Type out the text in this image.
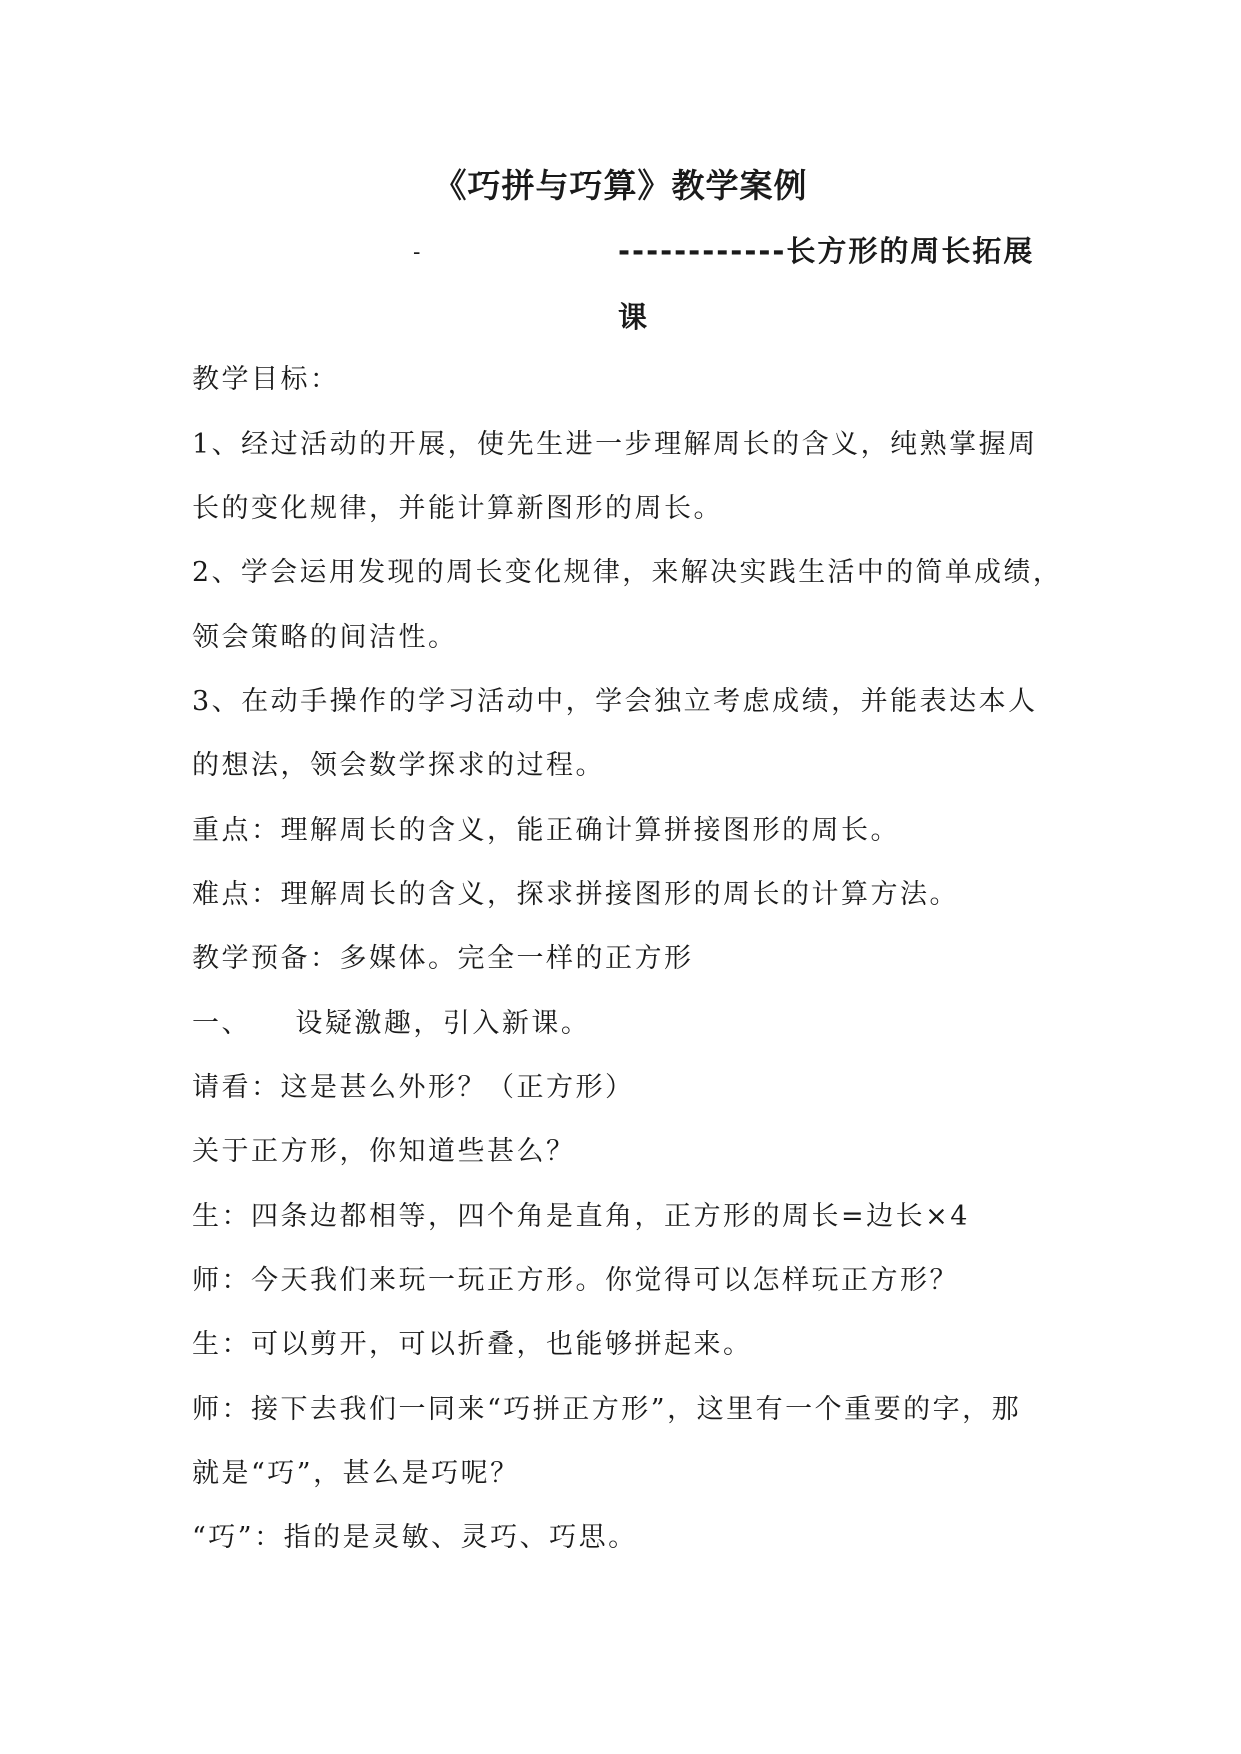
《巧拼与巧算》教学案例
-	------------长方形的周长拓展
课
教学目标：
1、经过活动的开展，使先生进一步理解周长的含义，纯熟掌握周
长的变化规律，并能计算新图形的周长。
2、学会运用发现的周长变化规律，来解决实践生活中的简单成绩，
领会策略的间洁性。
3、在动手操作的学习活动中，学会独立考虑成绩，并能表达本人
的想法，领会数学探求的过程。
重点：理解周长的含义，能正确计算拼接图形的周长。
难点：理解周长的含义，探求拼接图形的周长的计算方法。
教学预备：多媒体。完全一样的正方形
一、    设疑激趣，引入新课。
请看：这是甚么外形？（正方形）
关于正方形，你知道些甚么？
生：四条边都相等，四个角是直角，正方形的周长=边长×4
师：今天我们来玩一玩正方形。你觉得可以怎样玩正方形？
生：可以剪开，可以折叠，也能够拼起来。
师：接下去我们一同来“巧拼正方形”，这里有一个重要的字，那
就是“巧”，甚么是巧呢？
“巧”：指的是灵敏、灵巧、巧思。
